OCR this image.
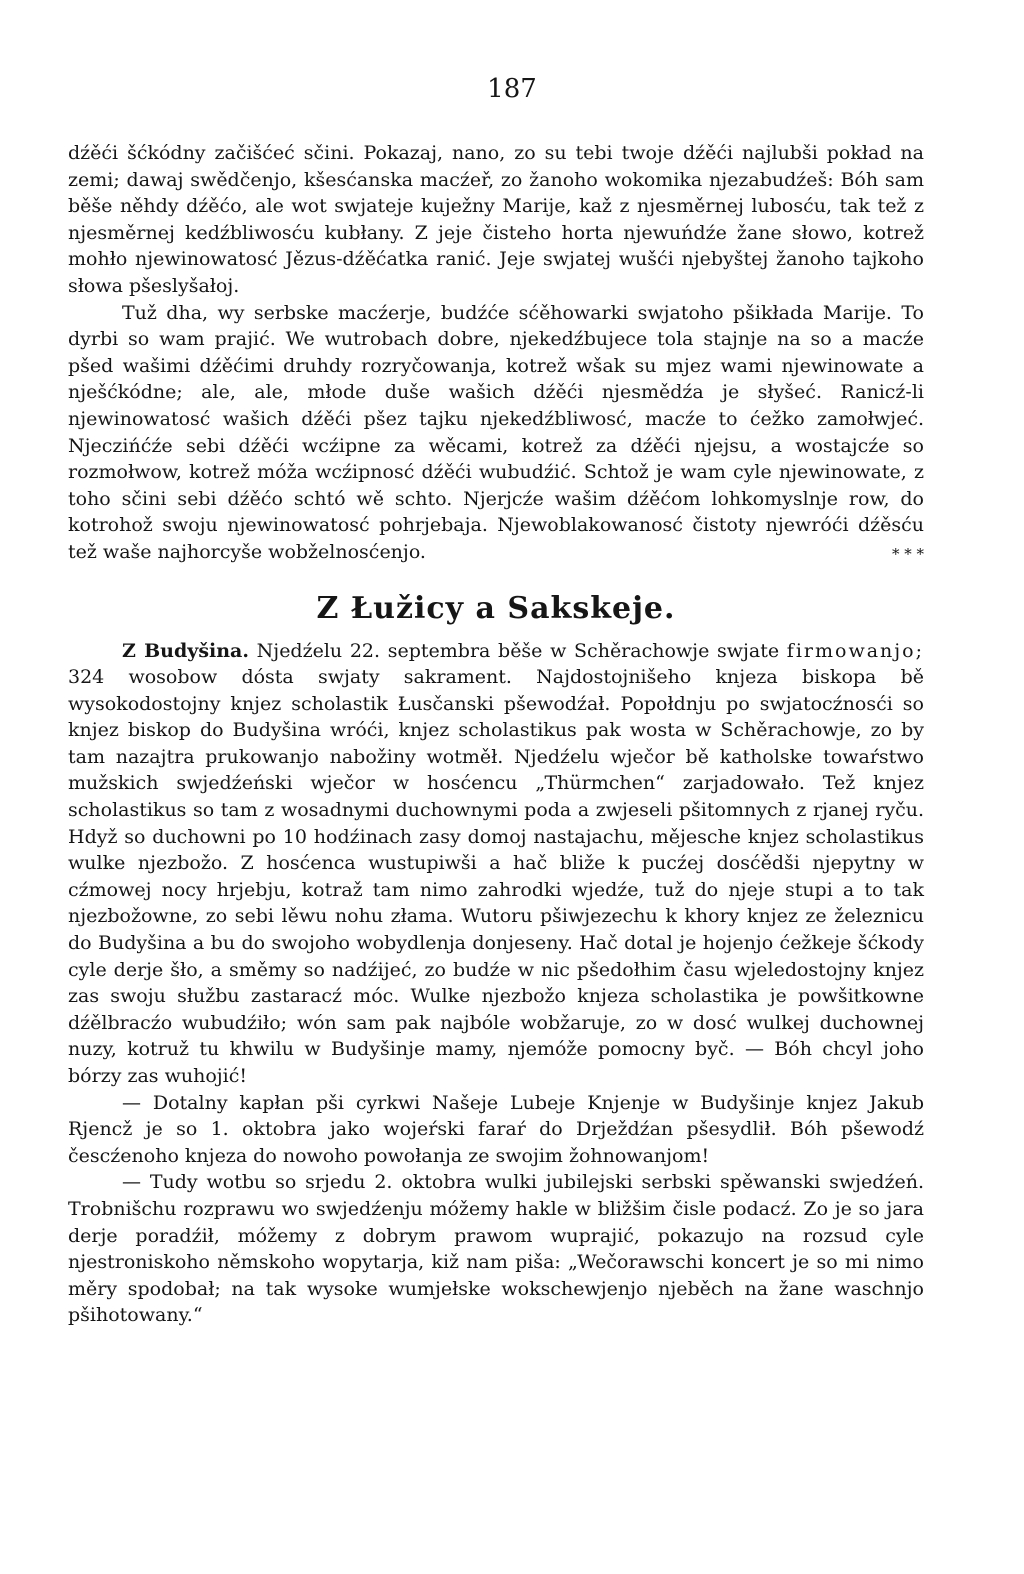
187

dźěći šćkódny začišćeć sčini. Pokazaj, nano, zo su tebi twoje dźěći najlubši pokład na zemi; dawaj swědčenjo, kšesćanska macźeř, zo žanoho wokomika njezabudźeš: Bóh sam běše něhdy dźěćo, ale wot swjateje kuježny Marije, kaž z njesměrnej lubosću, tak tež z njesměrnej kedźbliwosću kubłany. Z jeje čisteho horta njewuńdźe žane słowo, kotrež mohło njewinowatosć Jězus-dźěćatka ranić. Jeje swjatej wušći njebyštej žanoho tajkoho słowa pšeslyšałoj.

Tuž dha, wy serbske macźerje, budźće sćěhowarki swjatoho pšikłada Marije. To dyrbi so wam prajić. We wutrobach dobre, njekedźbujece tola stajnje na so a macźe pšed wašimi dźěćimi druhdy rozryčowanja, kotrež wšak su mjez wami njewinowate a nješćkódne; ale, ale, młode duše wašich dźěći njesmědźa je słyšeć. Ranicź-li njewinowatosć wašich dźěći pšez tajku njekedźbliwosć, macźe to ćežko zamołwjeć. Njeczińćźe sebi dźěći wcźipne za wěcami, kotrež za dźěći njejsu, a wostajcźe so rozmołwow, kotrež móža wcźipnosć dźěći wubudźić. Schtož je wam cyle njewinowate, z toho sčini sebi dźěćo schtó wě schto. Njerjcźe wašim dźěćom lohkomyslnje row, do kotrohož swoju njewinowatosć pohrjebaja. Njewoblakowanosć čistoty njewróći dźěsću tež waše najhorcyše wobželnosćenjo.	* * *

Z Łužicy a Sakskeje.

Z Budyšina. Njedźelu 22. septembra běše w Schěrachowje swjate firmowanjo; 324 wosobow dósta swjaty sakrament. Najdostojnišeho knjeza biskopa bě wysokodostojny knjez scholastik Łusčanski pšewodźał. Popołdnju po swjatocźnosći so knjez biskop do Budyšina wróći, knjez scholastikus pak wosta w Schěrachowje, zo by tam nazajtra prukowanjo nabožiny wotměł. Njedźelu wječor bě katholske towaŕstwo mužskich swjedźeński wječor w hosćencu „Thürmchen“ zarjadowało. Tež knjez scholastikus so tam z wosadnymi duchownymi poda a zwjeseli pšitomnych z rjanej ryču. Hdyž so duchowni po 10 hodźinach zasy domoj nastajachu, mějesche knjez scholastikus wulke njezbožo. Z hosćenca wustupiwši a hač bliže k pucźej dosćědši njepytny w cźmowej nocy hrjebju, kotraž tam nimo zahrodki wjedźe, tuž do njeje stupi a to tak njezbožowne, zo sebi lěwu nohu złama. Wutoru pšiwjezechu k khory knjez ze železnicu do Budyšina a bu do swojoho wobydlenja donjeseny. Hač dotal je hojenjo ćežkeje šćkody cyle derje šło, a směmy so nadźijeć, zo budźe w nic pšedołhim času wjeledostojny knjez zas swoju słužbu zastaracź móc. Wulke njezbožo knjeza scholastika je powšitkowne dźělbracźo wubudźiło; wón sam pak najbóle wobžaruje, zo w dosć wulkej duchownej nuzy, kotruž tu khwilu w Budyšinje mamy, njemóže pomocny byč. — Bóh chcyl joho bórzy zas wuhojić!

— Dotalny kapłan pši cyrkwi Našeje Lubeje Knjenje w Budyšinje knjez Jakub Rjencž je so 1. oktobra jako wojeŕski faraŕ do Drježdźan pšesydlił. Bóh pšewodź čescźenoho knjeza do nowoho powołanja ze swojim žohnowanjom!

— Tudy wotbu so srjedu 2. oktobra wulki jubilejski serbski spěwanski swjedźeń. Trobnišchu rozprawu wo swjedźenju móžemy hakle w bližšim čisle podacź. Zo je so jara derje poradźił, móžemy z dobrym prawom wuprajić, pokazujo na rozsud cyle njestroniskoho němskoho wopytarja, kiž nam piša: „Wečorawschi koncert je so mi nimo měry spodobał; na tak wysoke wumjełske wokschewjenjo njeběch na žane waschnjo pšihotowany.“
